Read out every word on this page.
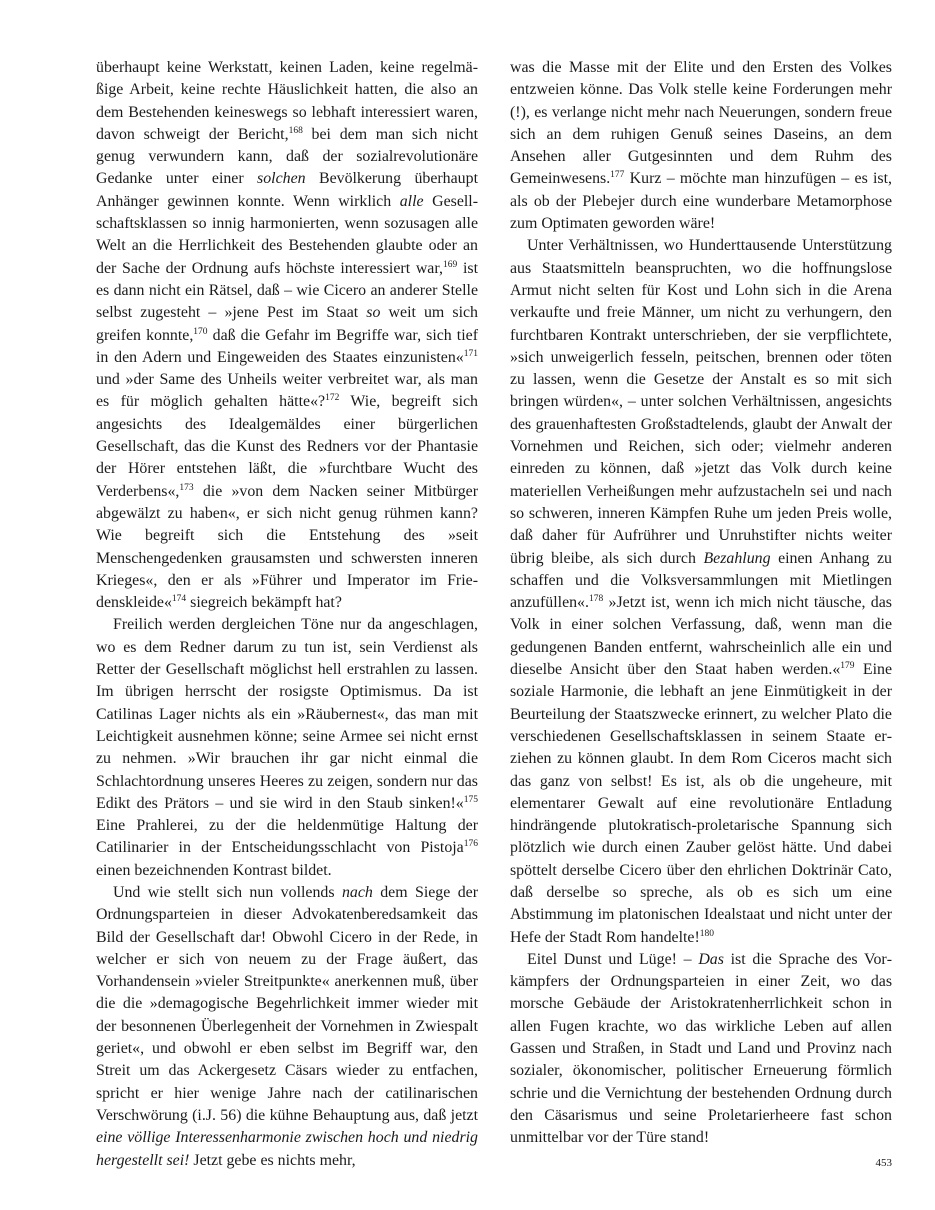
überhaupt keine Werkstatt, keinen Laden, keine regelmäßige Arbeit, keine rechte Häuslichkeit hatten, die also an dem Bestehenden keineswegs so lebhaft interessiert waren, davon schweigt der Bericht,$^{168}$ bei dem man sich nicht genug verwundern kann, daß der sozialrevolutionäre Gedanke unter einer solchen Bevölkerung überhaupt Anhänger gewinnen konnte. Wenn wirklich alle Gesellschaftsklassen so innig harmonierten, wenn sozusagen alle Welt an die Herrlichkeit des Bestehenden glaubte oder an der Sache der Ordnung aufs höchste interessiert war,$^{169}$ ist es dann nicht ein Rätsel, daß – wie Cicero an anderer Stelle selbst zugesteht – »jene Pest im Staat so weit um sich greifen konnte,$^{170}$ daß die Gefahr im Begriffe war, sich tief in den Adern und Eingeweiden des Staates einzunisten«$^{171}$ und »der Same des Unheils weiter verbreitet war, als man es für möglich gehalten hätte«?$^{172}$ Wie, begreift sich angesichts des Idealgemäldes einer bürgerlichen Gesellschaft, das die Kunst des Redners vor der Phantasie der Hörer entstehen läßt, die »furchtbare Wucht des Verderbens«,$^{173}$ die »von dem Nacken seiner Mitbürger abgewälzt zu haben«, er sich nicht genug rühmen kann? Wie begreift sich die Entstehung des »seit Menschengedenken grausamsten und schwersten inneren Krieges«, den er als »Führer und Imperator im Friedenskleide«$^{174}$ siegreich bekämpft hat?

Freilich werden dergleichen Töne nur da angeschlagen, wo es dem Redner darum zu tun ist, sein Verdienst als Retter der Gesellschaft möglichst hell erstrahlen zu lassen. Im übrigen herrscht der rosigste Optimismus. Da ist Catilinas Lager nichts als ein »Räubernest«, das man mit Leichtigkeit ausnehmen könne; seine Armee sei nicht ernst zu nehmen. »Wir brauchen ihr gar nicht einmal die Schlachtordnung unseres Heeres zu zeigen, sondern nur das Edikt des Prätors – und sie wird in den Staub sinken!«$^{175}$ Eine Prahlerei, zu der die heldenmütige Haltung der Catilinarier in der Entscheidungsschlacht von Pistoja$^{176}$ einen bezeichnenden Kontrast bildet.

Und wie stellt sich nun vollends nach dem Siege der Ordnungsparteien in dieser Advokatenberedsamkeit das Bild der Gesellschaft dar! Obwohl Cicero in der Rede, in welcher er sich von neuem zu der Frage äußert, das Vorhandensein »vieler Streitpunkte« anerkennen muß, über die die »demagogische Begehrlichkeit immer wieder mit der besonnenen Überlegenheit der Vornehmen in Zwiespalt geriet«, und obwohl er eben selbst im Begriff war, den Streit um das Ackergesetz Cäsars wieder zu entfachen, spricht er hier wenige Jahre nach der catilinarischen Verschwörung (i.J. 56) die kühne Behauptung aus, daß jetzt eine völlige Interessenharmonie zwischen hoch und niedrig hergestellt sei! Jetzt gebe es nichts mehr,

was die Masse mit der Elite und den Ersten des Volkes entzweien könne. Das Volk stelle keine Forderungen mehr (!), es verlange nicht mehr nach Neuerungen, sondern freue sich an dem ruhigen Genuß seines Daseins, an dem Ansehen aller Gutgesinnten und dem Ruhm des Gemeinwesens.$^{177}$ Kurz – möchte man hinzufügen – es ist, als ob der Plebejer durch eine wunderbare Metamorphose zum Optimaten geworden wäre!

Unter Verhältnissen, wo Hunderttausende Unterstützung aus Staatsmitteln beanspruchten, wo die hoffnungslose Armut nicht selten für Kost und Lohn sich in die Arena verkaufte und freie Männer, um nicht zu verhungern, den furchtbaren Kontrakt unterschrieben, der sie verpflichtete, »sich unweigerlich fesseln, peitschen, brennen oder töten zu lassen, wenn die Gesetze der Anstalt es so mit sich bringen würden«, – unter solchen Verhältnissen, angesichts des grauenhaftesten Großstadtelends, glaubt der Anwalt der Vornehmen und Reichen, sich oder; vielmehr anderen einreden zu können, daß »jetzt das Volk durch keine materiellen Verheißungen mehr aufzustacheln sei und nach so schweren, inneren Kämpfen Ruhe um jeden Preis wolle, daß daher für Aufrührer und Unruhstifter nichts weiter übrig bleibe, als sich durch Bezahlung einen Anhang zu schaffen und die Volksversammlungen mit Mietlingen anzufüllen«.$^{178}$ »Jetzt ist, wenn ich mich nicht täusche, das Volk in einer solchen Verfassung, daß, wenn man die gedungenen Banden entfernt, wahrscheinlich alle ein und dieselbe Ansicht über den Staat haben werden.«$^{179}$ Eine soziale Harmonie, die lebhaft an jene Einmütigkeit in der Beurteilung der Staatszwecke erinnert, zu welcher Plato die verschiedenen Gesellschaftsklassen in seinem Staate erziehen zu können glaubt. In dem Rom Ciceros macht sich das ganz von selbst! Es ist, als ob die ungeheure, mit elementarer Gewalt auf eine revolutionäre Entladung hindrängende plutokratisch-proletarische Spannung sich plötzlich wie durch einen Zauber gelöst hätte. Und dabei spöttelt derselbe Cicero über den ehrlichen Doktrinär Cato, daß derselbe so spreche, als ob es sich um eine Abstimmung im platonischen Idealstaat und nicht unter der Hefe der Stadt Rom handelte!$^{180}$

Eitel Dunst und Lüge! – Das ist die Sprache des Vorkämpfers der Ordnungsparteien in einer Zeit, wo das morsche Gebäude der Aristokratenherrlichkeit schon in allen Fugen krachte, wo das wirkliche Leben auf allen Gassen und Straßen, in Stadt und Land und Provinz nach sozialer, ökonomischer, politischer Erneuerung förmlich schrie und die Vernichtung der bestehenden Ordnung durch den Cäsarismus und seine Proletarierheere fast schon unmittelbar vor der Türe stand!

453
